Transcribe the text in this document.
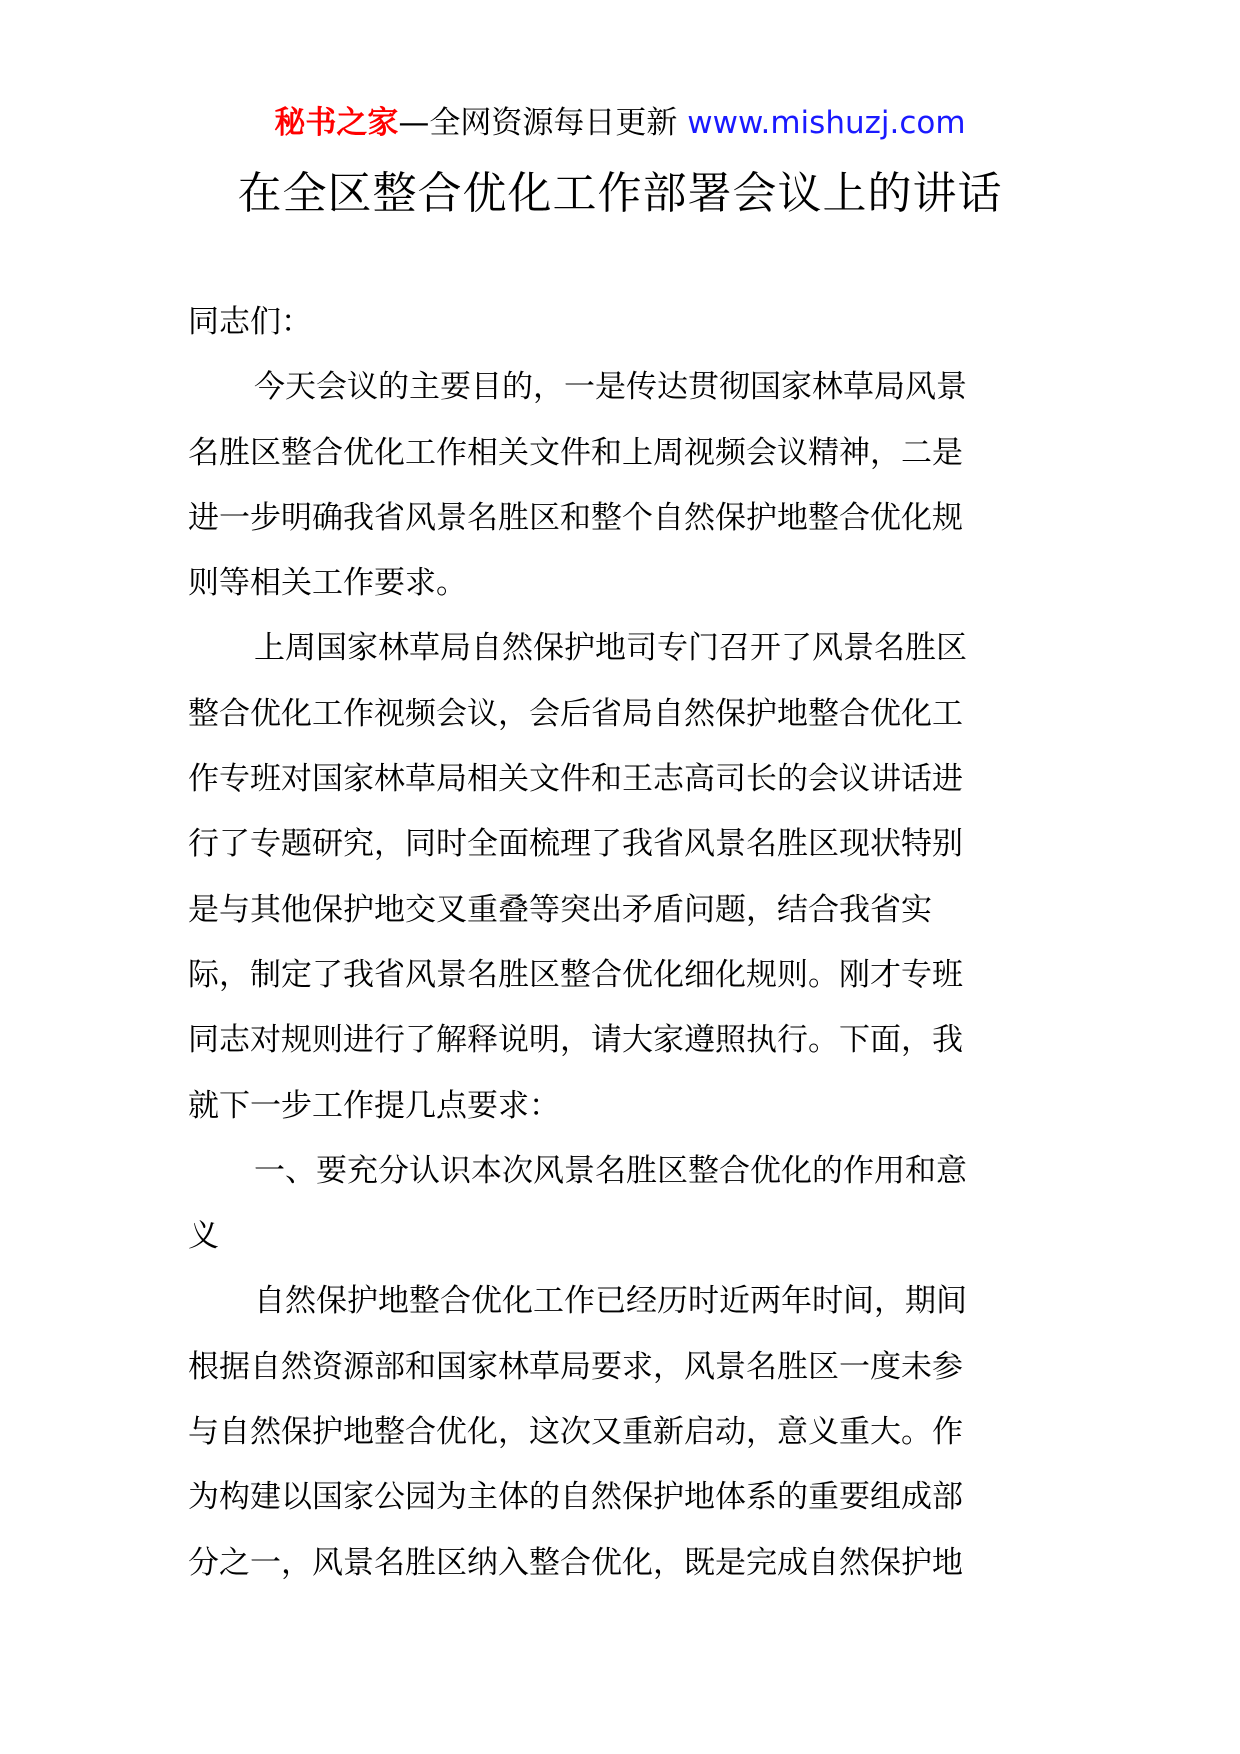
秘书之家—全网资源每日更新 www.mishuzj.com
在全区整合优化工作部署会议上的讲话

同志们：

今天会议的主要目的，一是传达贯彻国家林草局风景

名胜区整合优化工作相关文件和上周视频会议精神，二是

进一步明确我省风景名胜区和整个自然保护地整合优化规

则等相关工作要求。

上周国家林草局自然保护地司专门召开了风景名胜区

整合优化工作视频会议，会后省局自然保护地整合优化工

作专班对国家林草局相关文件和王志高司长的会议讲话进

行了专题研究，同时全面梳理了我省风景名胜区现状特别

是与其他保护地交叉重叠等突出矛盾问题，结合我省实

际，制定了我省风景名胜区整合优化细化规则。刚才专班

同志对规则进行了解释说明，请大家遵照执行。下面，我

就下一步工作提几点要求：

一、要充分认识本次风景名胜区整合优化的作用和意

义

自然保护地整合优化工作已经历时近两年时间，期间

根据自然资源部和国家林草局要求，风景名胜区一度未参

与自然保护地整合优化，这次又重新启动，意义重大。作

为构建以国家公园为主体的自然保护地体系的重要组成部

分之一，风景名胜区纳入整合优化，既是完成自然保护地
